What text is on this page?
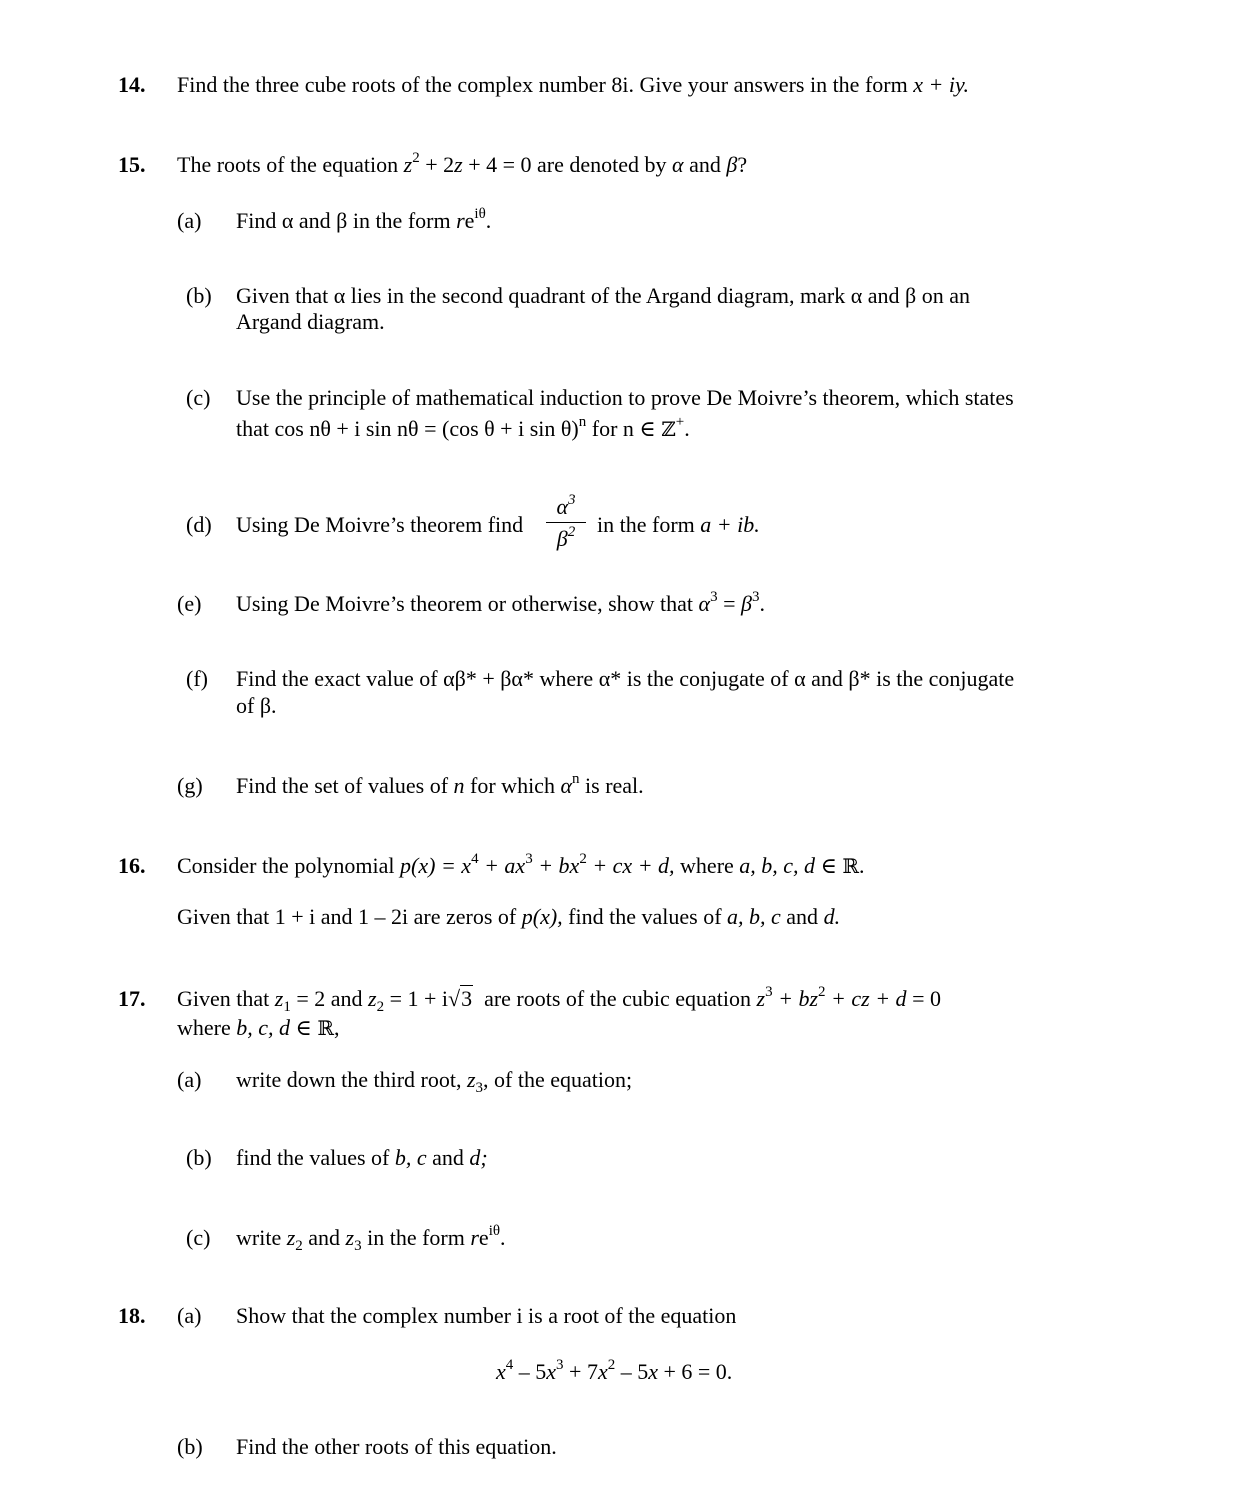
14. Find the three cube roots of the complex number 8i. Give your answers in the form x + iy.
15. The roots of the equation $z^2 + 2z + 4 = 0$ are denoted by α and β?
(a) Find α and β in the form $re^{i\theta}$.
(b) Given that α lies in the second quadrant of the Argand diagram, mark α and β on an
Argand diagram.
(c) Use the principle of mathematical induction to prove De Moivre’s theorem, which states
that cos nθ + i sin nθ = (cos θ + i sin θ)$^n$ for n ∈ ℤ+.
(d) Using De Moivre’s theorem find
$\alpha^3$
$\beta^2$ in the form a + ib.
(e) Using De Moivre’s theorem or otherwise, show that $\alpha^3 = \beta^3$.
(f) Find the exact value of αβ* + βα* where α* is the conjugate of α and β* is the conjugate
of β.
(g) Find the set of values of n for which $\alpha^n$ is real.
16. Consider the polynomial $p(x) = x^4 + ax^3 + bx^2$ + cx + d, where a, b, c, d ∈ ℝ.
Given that 1 + i and 1 – 2i are zeros of p(x), find the values of a, b, c and d.
17. Given that $z_1 = 2$ and $z_2 = 1 + i√3$ are roots of the cubic equation $z^3 + bz^2$ + cz + d = 0
where b, c, d ∈ ℝ,
(a) write down the third root, $z_3$, of the equation;
(b) find the values of b, c and d;
(c) write $z_2$ and $z_3$ in the form $re^{i\theta}$.
18. (a) Show that the complex number i is a root of the equation
$x^4 - 5x^3 + 7x^2 - 5x + 6 = 0$.
(b) Find the other roots of this equation.
